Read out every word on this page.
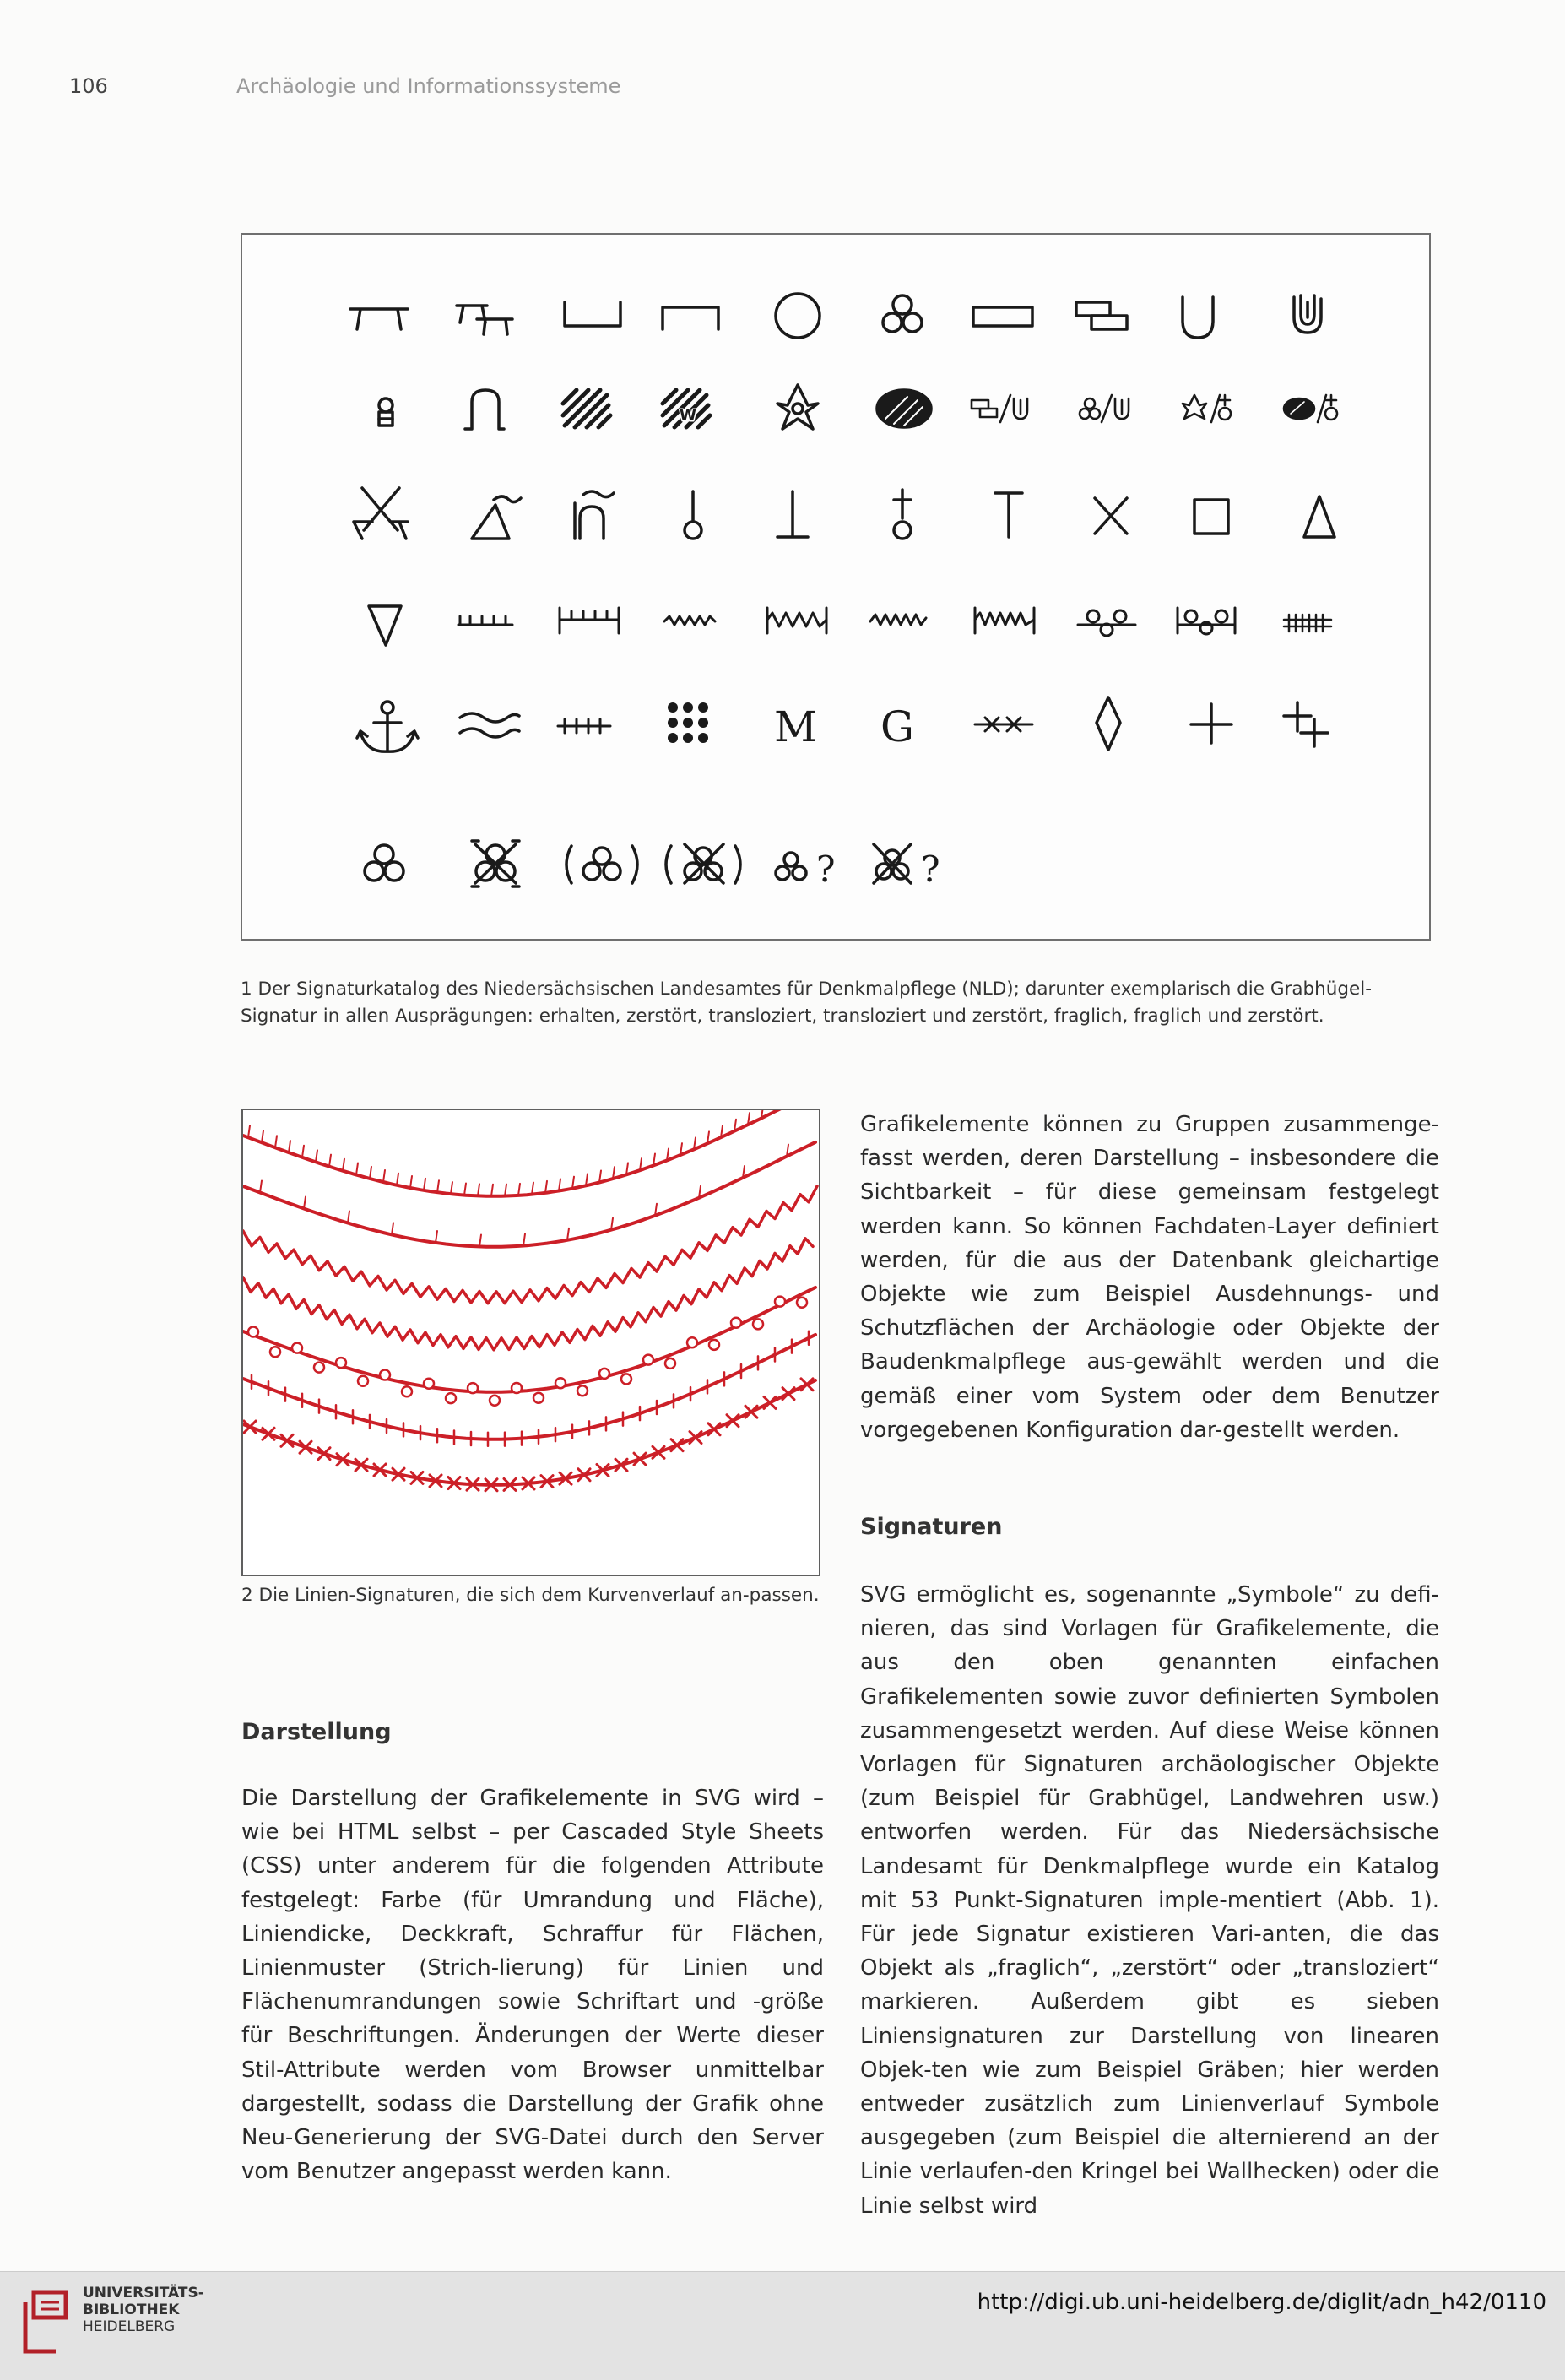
106	Archäologie und Informationssysteme
W
M G
? ?
1 Der Signaturkatalog des Niedersächsischen Landesamtes für Denkmalpflege (NLD); darunter exemplarisch die Grabhügel-Signatur in allen Ausprägungen: erhalten, zerstört, transloziert, transloziert und zerstört, fraglich, fraglich und zerstört.
2 Die Linien-Signaturen, die sich dem Kurvenverlauf an-passen.

Grafikelemente können zu Gruppen zusammenge-fasst werden, deren Darstellung – insbesondere die Sichtbarkeit – für diese gemeinsam festgelegt werden kann. So können Fachdaten-Layer definiert werden, für die aus der Datenbank gleichartige Objekte wie zum Beispiel Ausdehnungs- und Schutzflächen der Archäologie oder Objekte der Baudenkmalpflege aus-gewählt werden und die gemäß einer vom System oder dem Benutzer vorgegebenen Konfiguration dar-gestellt werden.

Signaturen

SVG ermöglicht es, sogenannte „Symbole“ zu defi-nieren, das sind Vorlagen für Grafikelemente, die aus den oben genannten einfachen Grafikelementen sowie zuvor definierten Symbolen zusammengesetzt werden. Auf diese Weise können Vorlagen für Signaturen archäologischer Objekte (zum Beispiel für Grabhügel, Landwehren usw.) entworfen werden. Für das Niedersächsische Landesamt für Denkmalpflege wurde ein Katalog mit 53 Punkt-Signaturen imple-mentiert (Abb. 1). Für jede Signatur existieren Vari-anten, die das Objekt als „fraglich“, „zerstört“ oder „transloziert“ markieren. Außerdem gibt es sieben Liniensignaturen zur Darstellung von linearen Objek-ten wie zum Beispiel Gräben; hier werden entweder zusätzlich zum Linienverlauf Symbole ausgegeben (zum Beispiel die alternierend an der Linie verlaufen-den Kringel bei Wallhecken) oder die Linie selbst wird

Darstellung

Die Darstellung der Grafikelemente in SVG wird – wie bei HTML selbst – per Cascaded Style Sheets (CSS) unter anderem für die folgenden Attribute festgelegt: Farbe (für Umrandung und Fläche), Liniendicke, Deckkraft, Schraffur für Flächen, Linienmuster (Strich-lierung) für Linien und Flächenumrandungen sowie Schriftart und -größe für Beschriftungen. Änderungen der Werte dieser Stil-Attribute werden vom Browser unmittelbar dargestellt, sodass die Darstellung der Grafik ohne Neu-Generierung der SVG-Datei durch den Server vom Benutzer angepasst werden kann.

UNIVERSITÄTS-
BIBLIOTHEK
HEIDELBERG
http://digi.ub.uni-heidelberg.de/diglit/adn_h42/0110
